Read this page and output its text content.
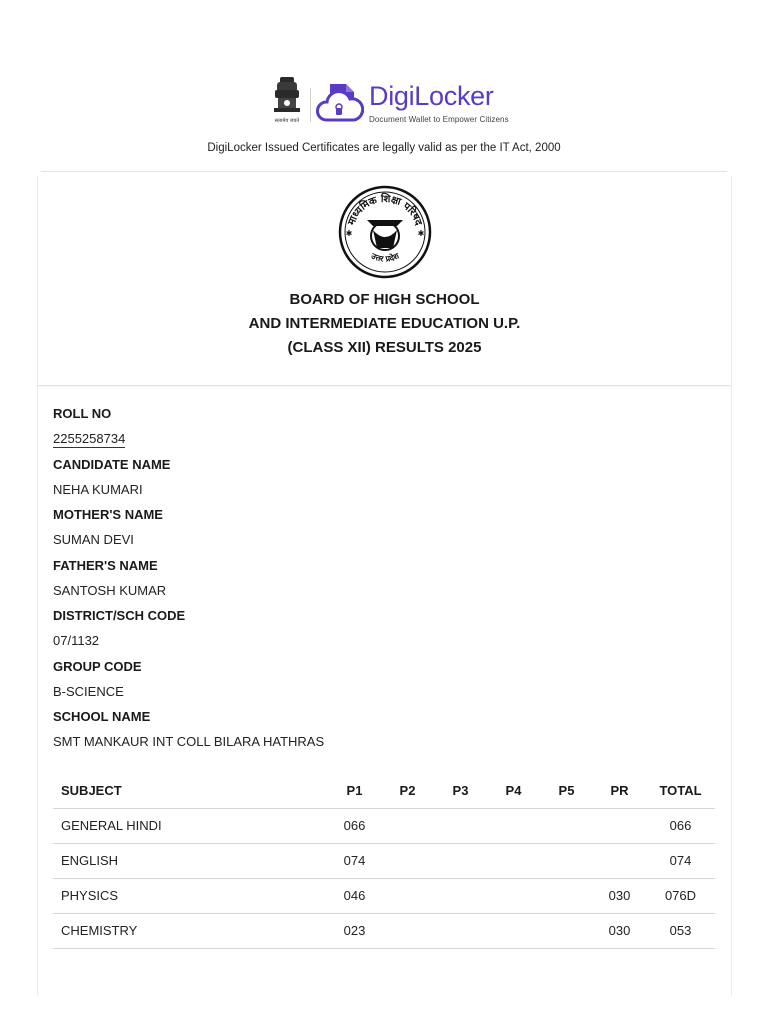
सत्यमेव जयते
DigiLocker
Document Wallet to Empower Citizens
DigiLocker Issued Certificates are legally valid as per the IT Act, 2000
माध्यमिक शिक्षा परिषद
उत्तर प्रदेश
✱	✱
BOARD OF HIGH SCHOOL
AND INTERMEDIATE EDUCATION U.P.
(CLASS XII) RESULTS 2025
ROLL NO
2255258734
CANDIDATE NAME
NEHA KUMARI
MOTHER'S NAME
SUMAN DEVI
FATHER'S NAME
SANTOSH KUMAR
DISTRICT/SCH CODE
07/1132
GROUP CODE
B-SCIENCE
SCHOOL NAME
SMT MANKAUR INT COLL BILARA HATHRAS
SUBJECT	P1	P2	P3	P4	P5	PR	TOTAL
GENERAL HINDI	066						066
ENGLISH	074						074
PHYSICS	046					030	076D
CHEMISTRY	023					030	053
